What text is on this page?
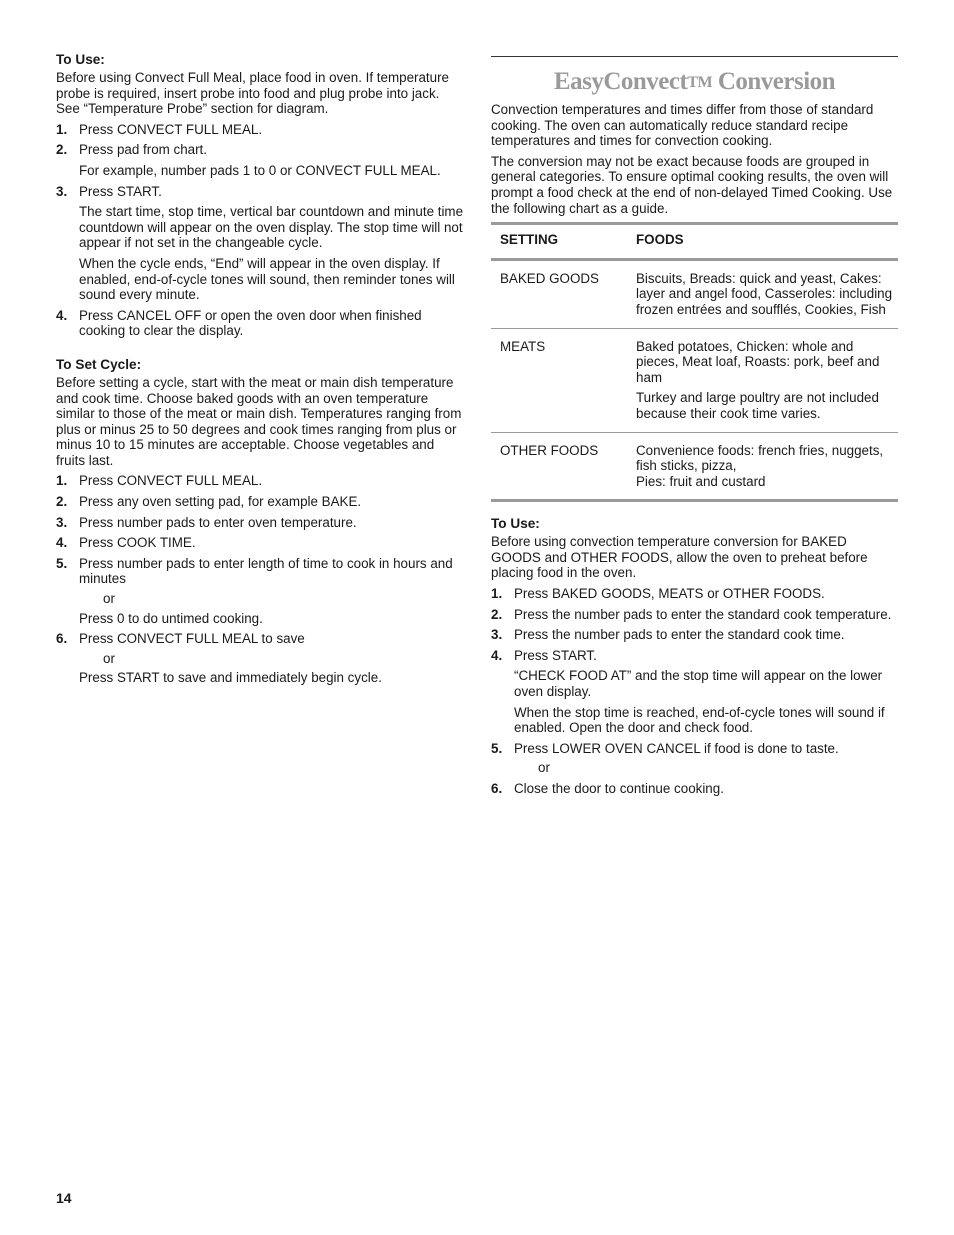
To Use:

Before using Convect Full Meal, place food in oven. If temperature probe is required, insert probe into food and plug probe into jack. See “Temperature Probe” section for diagram.

1. Press CONVECT FULL MEAL.
2. Press pad from chart.
For example, number pads 1 to 0 or CONVECT FULL MEAL.
3. Press START.
The start time, stop time, vertical bar countdown and minute time countdown will appear on the oven display. The stop time will not appear if not set in the changeable cycle.
When the cycle ends, “End” will appear in the oven display. If enabled, end-of-cycle tones will sound, then reminder tones will sound every minute.
4. Press CANCEL OFF or open the oven door when finished cooking to clear the display.
To Set Cycle:

Before setting a cycle, start with the meat or main dish temperature and cook time. Choose baked goods with an oven temperature similar to those of the meat or main dish. Temperatures ranging from plus or minus 25 to 50 degrees and cook times ranging from plus or minus 10 to 15 minutes are acceptable. Choose vegetables and fruits last.

1. Press CONVECT FULL MEAL.
2. Press any oven setting pad, for example BAKE.
3. Press number pads to enter oven temperature.
4. Press COOK TIME.
5. Press number pads to enter length of time to cook in hours and minutes
or
Press 0 to do untimed cooking.
6. Press CONVECT FULL MEAL to save
or
Press START to save and immediately begin cycle.
EasyConvect™ Conversion

Convection temperatures and times differ from those of standard cooking. The oven can automatically reduce standard recipe temperatures and times for convection cooking.

The conversion may not be exact because foods are grouped in general categories. To ensure optimal cooking results, the oven will prompt a food check at the end of non-delayed Timed Cooking. Use the following chart as a guide.

SETTING	FOODS
BAKED GOODS	Biscuits, Breads: quick and yeast, Cakes: layer and angel food, Casseroles: including frozen entrées and soufflés, Cookies, Fish

MEATS	Baked potatoes, Chicken: whole and pieces, Meat loaf, Roasts: pork, beef and ham

Turkey and large poultry are not included because their cook time varies.

OTHER FOODS	Convenience foods: french fries, nuggets, fish sticks, pizza,

Pies: fruit and custard

To Use:

Before using convection temperature conversion for BAKED GOODS and OTHER FOODS, allow the oven to preheat before placing food in the oven.

1. Press BAKED GOODS, MEATS or OTHER FOODS.
2. Press the number pads to enter the standard cook temperature.
3. Press the number pads to enter the standard cook time.
4. Press START.
“CHECK FOOD AT” and the stop time will appear on the lower oven display.
When the stop time is reached, end-of-cycle tones will sound if enabled. Open the door and check food.
5. Press LOWER OVEN CANCEL if food is done to taste.
or
6. Close the door to continue cooking.
14
